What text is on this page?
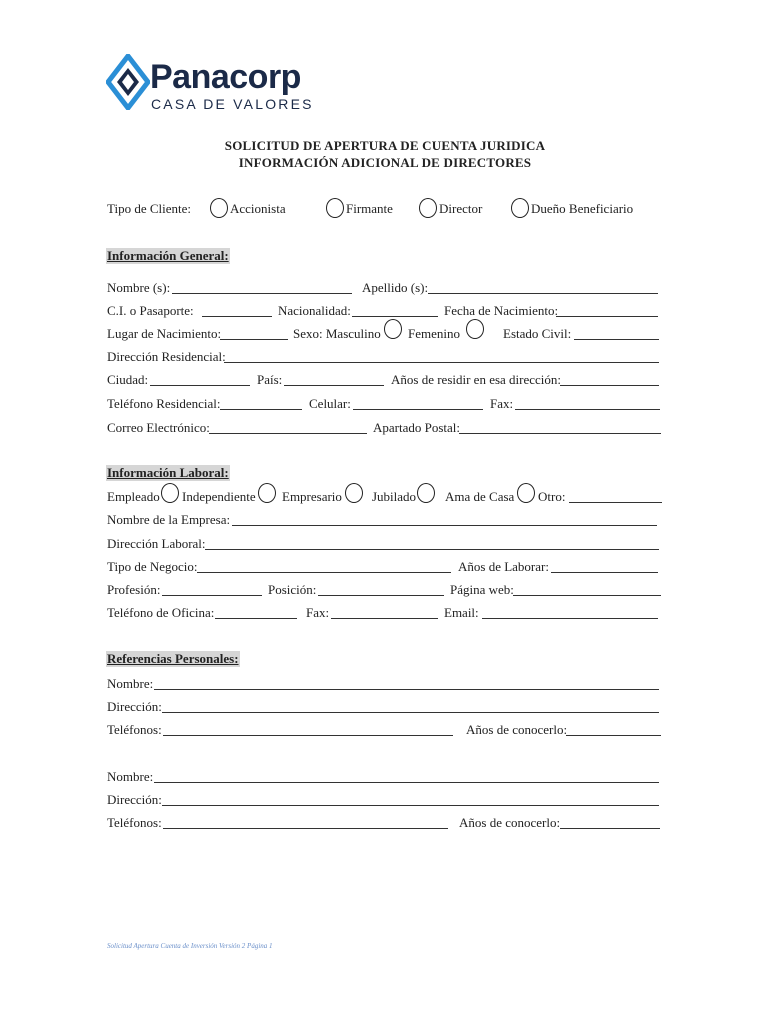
Panacorp
CASA DE VALORES
SOLICITUD DE APERTURA DE CUENTA JURIDICA
INFORMACIÓN ADICIONAL DE DIRECTORES
Tipo de Cliente:	Accionista	Firmante	Director	Dueño Beneficiario
Información General:
Nombre (s):	Apellido (s):
C.I. o Pasaporte:	Nacionalidad:	Fecha de Nacimiento:
Lugar de Nacimiento:	Sexo: Masculino Femenino	Estado Civil:
Dirección Residencial:
Ciudad:	País:	Años de residir en esa dirección:
Teléfono Residencial:	Celular:	Fax:
Correo Electrónico:	Apartado Postal:
Información Laboral:
Empleado Independiente Empresario Jubilado Ama de Casa Otro:
Nombre de la Empresa:
Dirección Laboral:
Tipo de Negocio:	Años de Laborar:
Profesión:	Posición:	Página web:
Teléfono de Oficina:	Fax:	Email:
Referencias Personales:
Nombre:
Dirección:
Teléfonos:	Años de conocerlo:
Nombre:
Dirección:
Teléfonos:	Años de conocerlo:
Solicitud Apertura Cuenta de Inversión Versión 2 Página 1
